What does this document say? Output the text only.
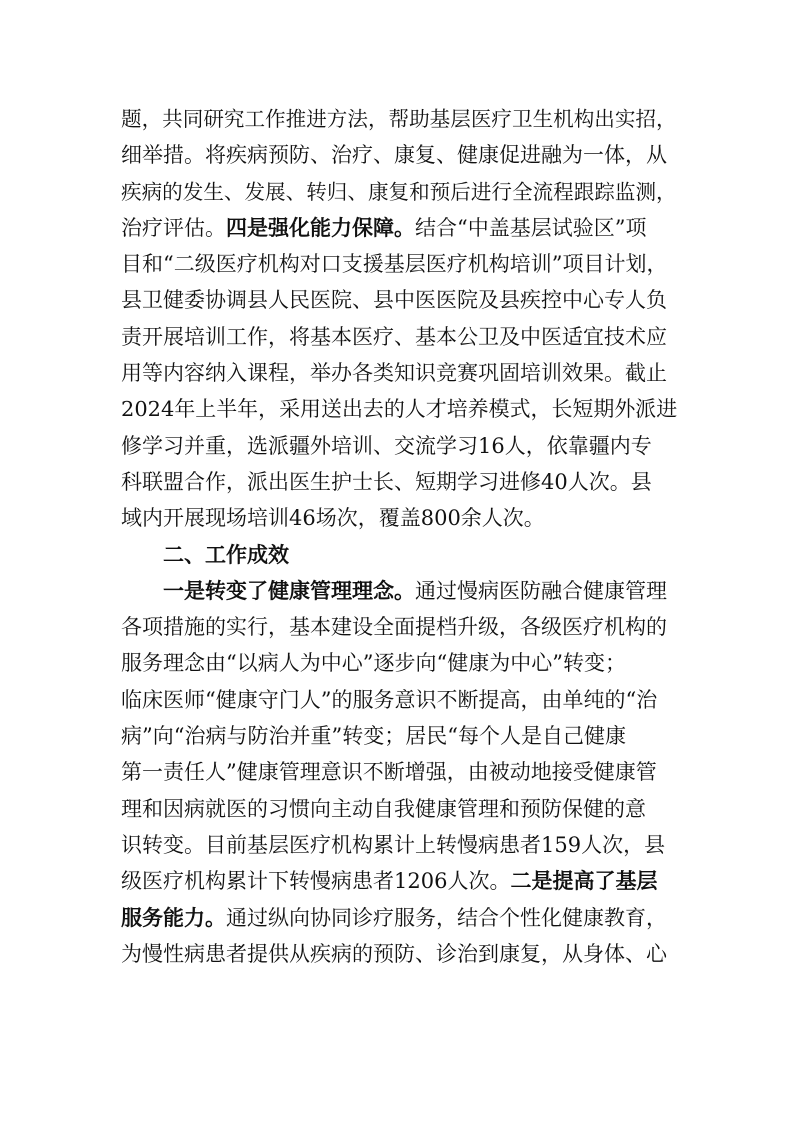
题，共同研究工作推进方法，帮助基层医疗卫生机构出实招，
细举措。将疾病预防、治疗、康复、健康促进融为一体，从
疾病的发生、发展、转归、康复和预后进行全流程跟踪监测，
治疗评估。四是强化能力保障。结合“中盖基层试验区”项
目和“二级医疗机构对口支援基层医疗机构培训”项目计划，
县卫健委协调县人民医院、县中医医院及县疾控中心专人负
责开展培训工作，将基本医疗、基本公卫及中医适宜技术应
用等内容纳入课程，举办各类知识竞赛巩固培训效果。截止
2024年上半年，采用送出去的人才培养模式，长短期外派进
修学习并重，选派疆外培训、交流学习16人，依靠疆内专
科联盟合作，派出医生护士长、短期学习进修40人次。县
域内开展现场培训46场次，覆盖800余人次。
二、工作成效
一是转变了健康管理理念。通过慢病医防融合健康管理
各项措施的实行，基本建设全面提档升级，各级医疗机构的
服务理念由“以病人为中心”逐步向“健康为中心”转变；
临床医师“健康守门人”的服务意识不断提高，由单纯的“治
病”向“治病与防治并重”转变；居民“每个人是自己健康
第一责任人”健康管理意识不断增强，由被动地接受健康管
理和因病就医的习惯向主动自我健康管理和预防保健的意
识转变。目前基层医疗机构累计上转慢病患者159人次，县
级医疗机构累计下转慢病患者1206人次。二是提高了基层
服务能力。通过纵向协同诊疗服务，结合个性化健康教育，
为慢性病患者提供从疾病的预防、诊治到康复，从身体、心
